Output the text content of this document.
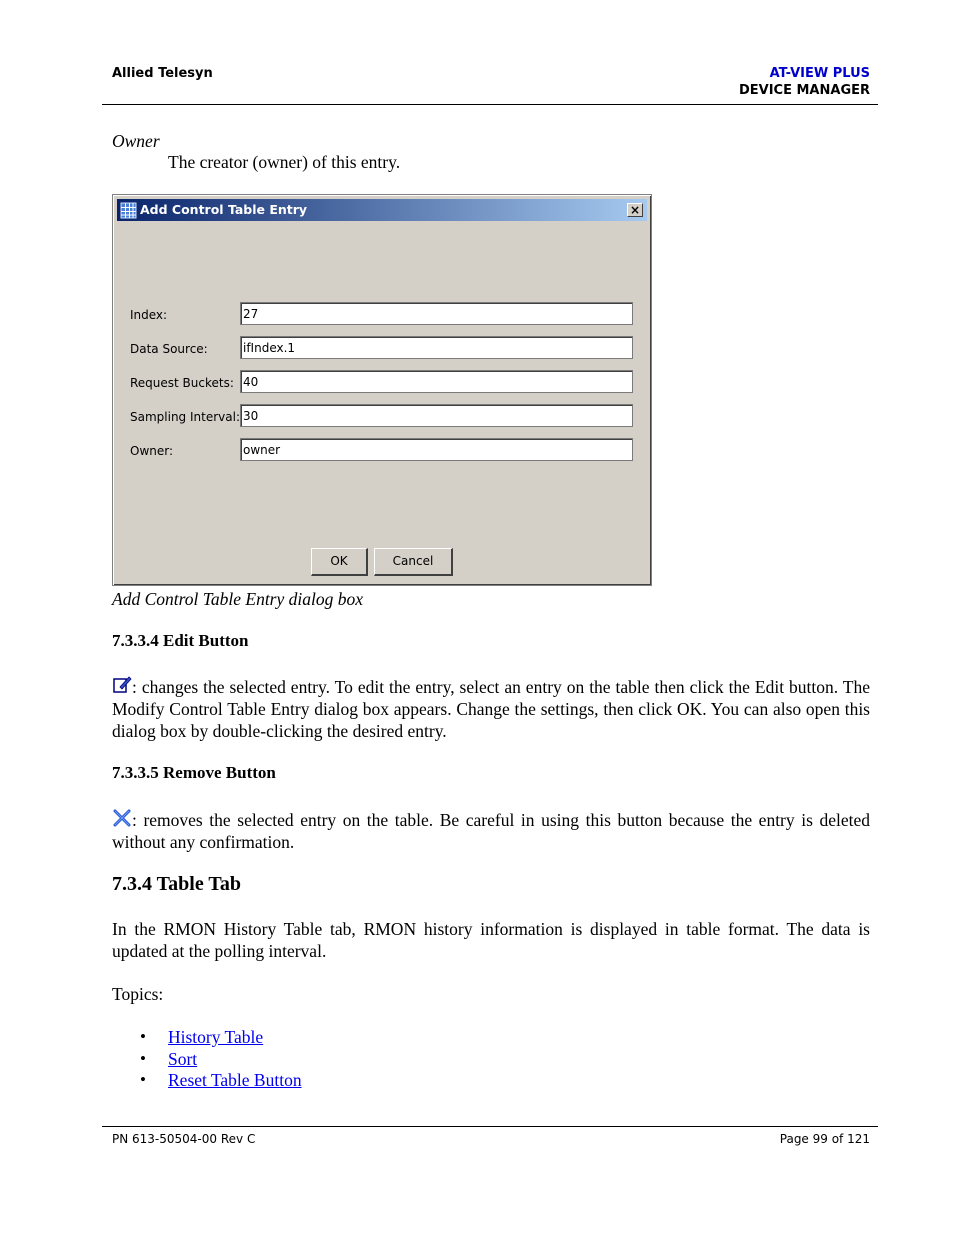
Allied Telesyn	AT-VIEW PLUS
DEVICE MANAGER
Owner
The creator (owner) of this entry.
Add Control Table Entry	×
Index:	27
Data Source:	ifIndex.1
Request Buckets: 40
Sampling Interval: 30
Owner:	owner
OK	Cancel
Add Control Table Entry dialog box
7.3.3.4 Edit Button
: changes the selected entry. To edit the entry, select an entry on the table then click the Edit button. The Modify Control Table Entry dialog box appears. Change the settings, then click OK. You can also open this dialog box by double-clicking the desired entry.
7.3.3.5 Remove Button
: removes the selected entry on the table. Be careful in using this button because the entry is deleted without any confirmation.
7.3.4 Table Tab
In the RMON History Table tab, RMON history information is displayed in table format. The data is updated at the polling interval.
Topics:
• History Table
• Sort
• Reset Table Button
PN 613-50504-00 Rev C	Page 99 of 121
